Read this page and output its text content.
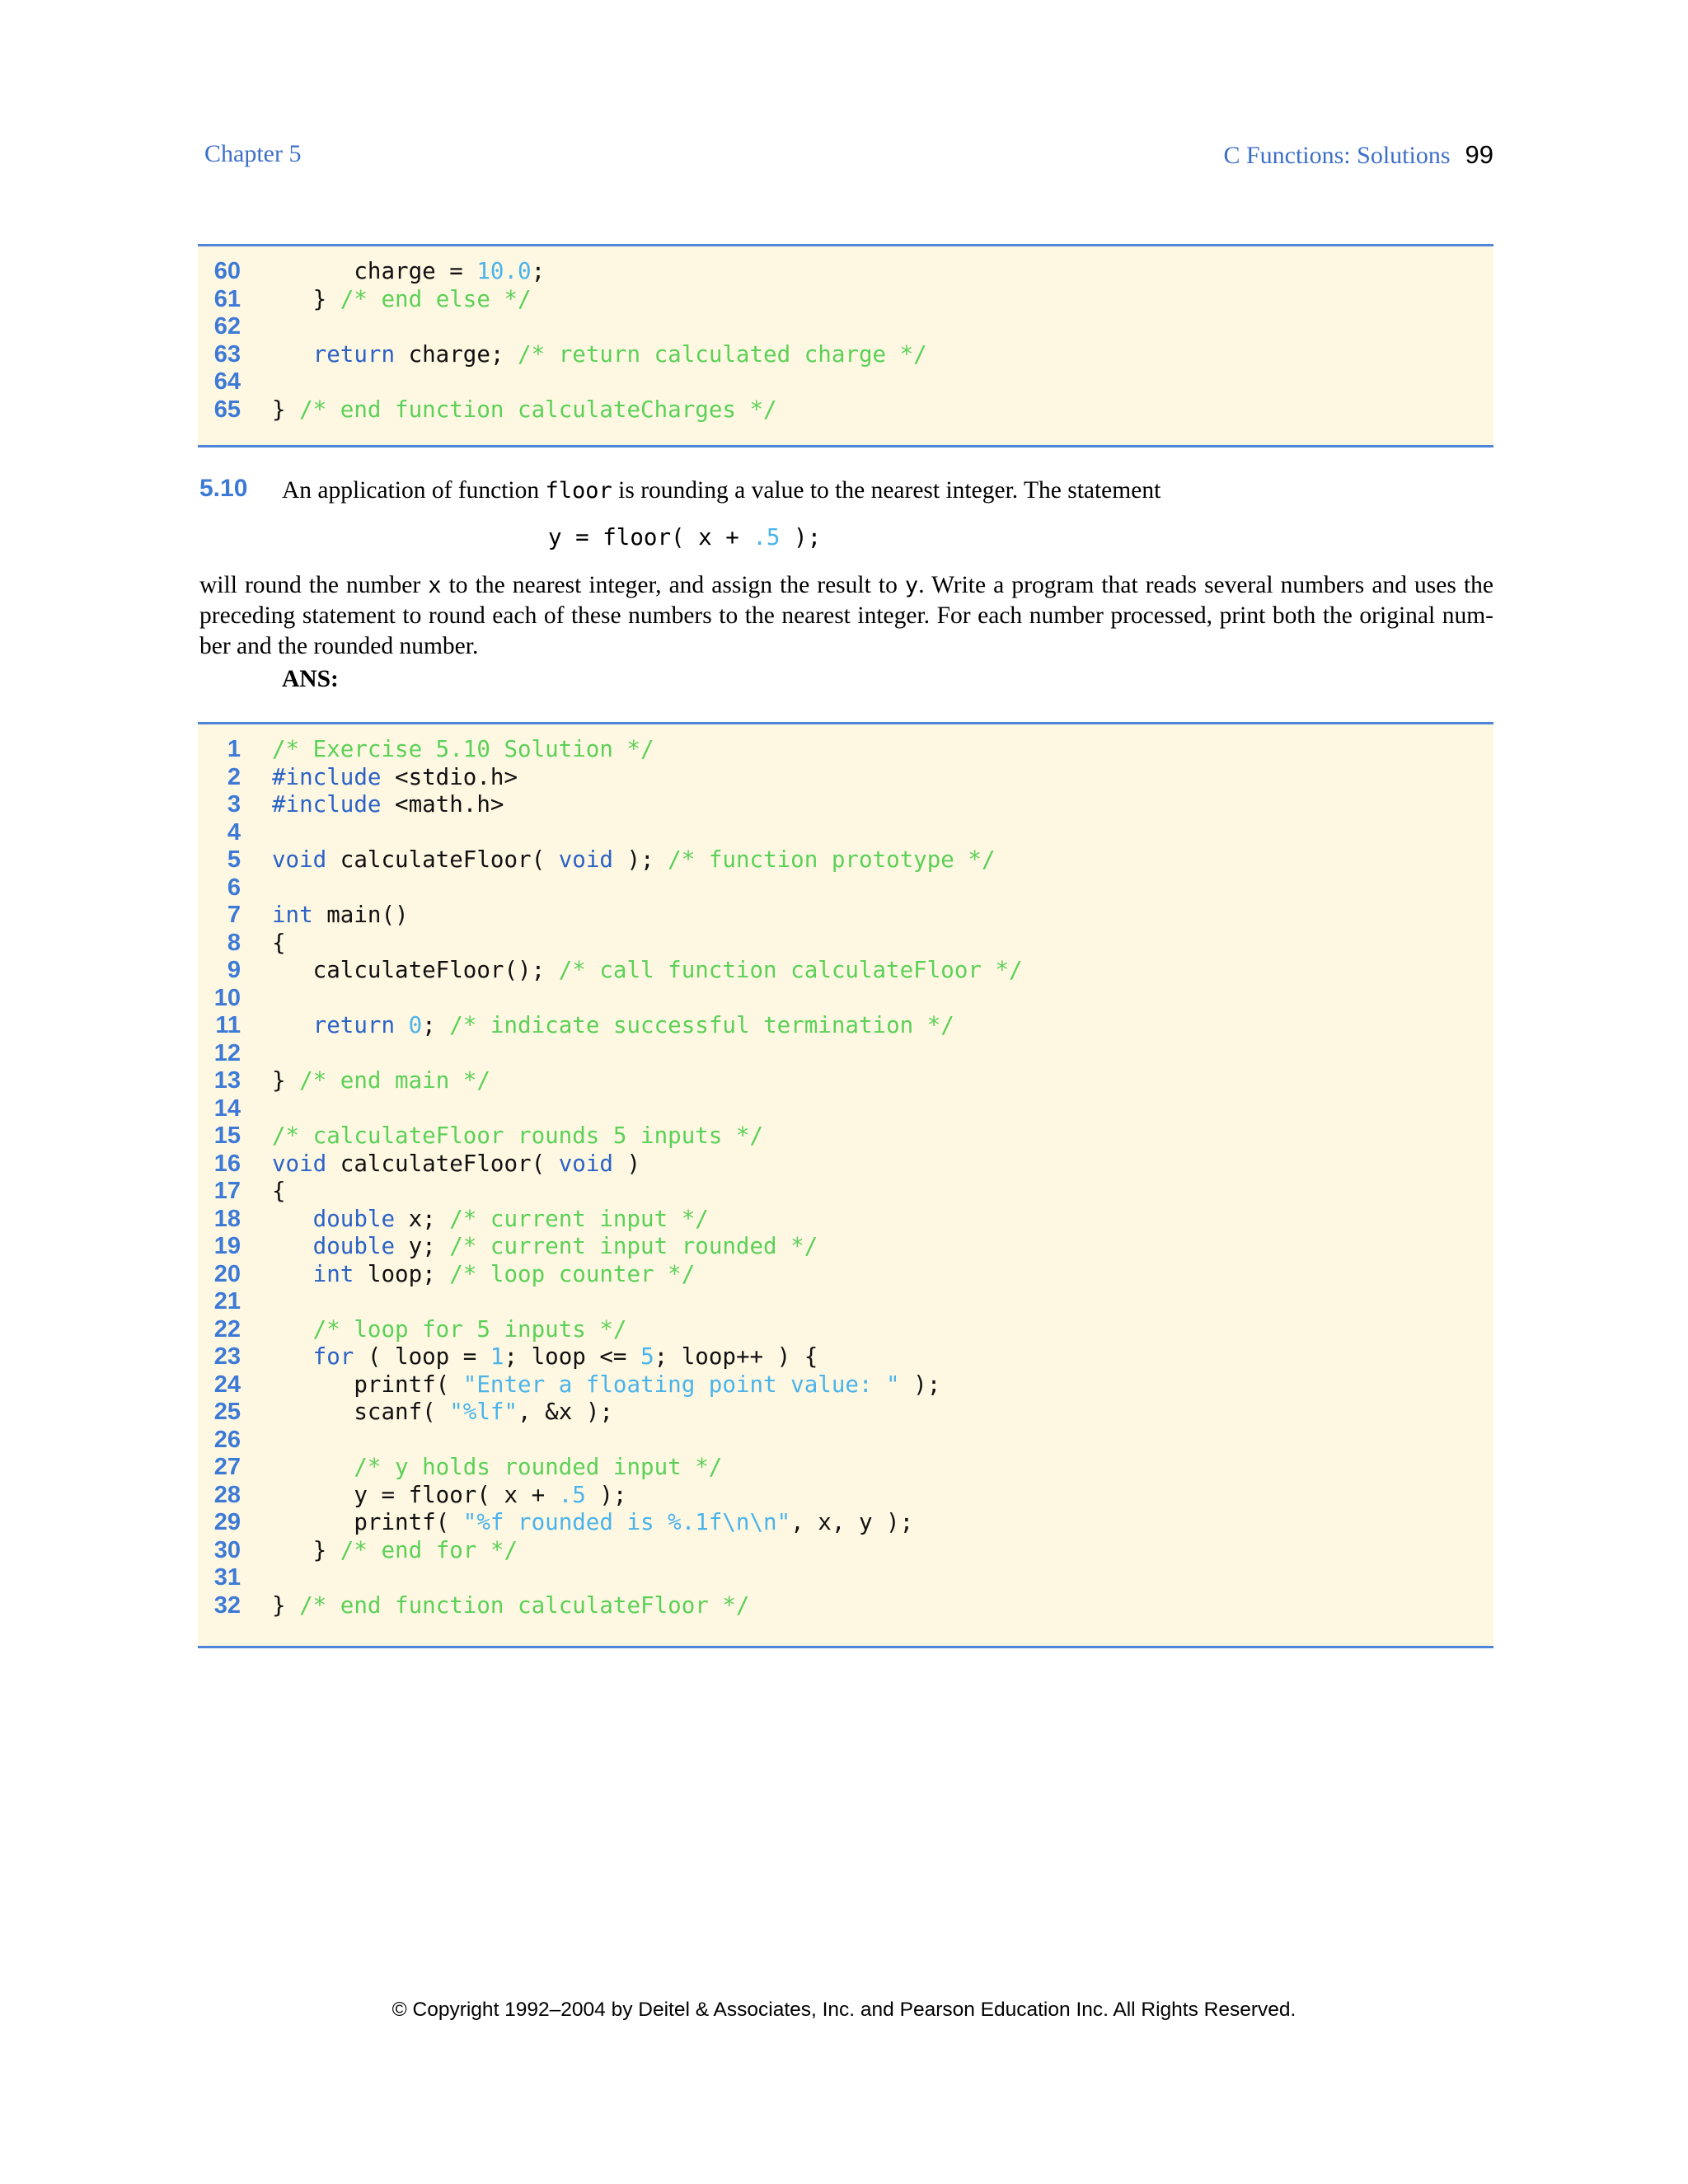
Chapter 5	C Functions: Solutions 99
60 charge = 10.0;
61 } /* end else */
62
63 return charge; /* return calculated charge */
64
65 } /* end function calculateCharges */
5.10 An application of function floor is rounding a value to the nearest integer. The statement
y = floor( x + .5 );
will round the number x to the nearest integer, and assign the result to y. Write a program that reads several numbers and uses the preceding statement to round each of these numbers to the nearest integer. For each number processed, print both the original num-ber and the rounded number.
ANS:
1 /* Exercise 5.10 Solution */
2 #include <stdio.h>
3 #include <math.h>
4
5 void calculateFloor( void ); /* function prototype */
6
7 int main()
8 {
9 calculateFloor(); /* call function calculateFloor */
10
11 return 0; /* indicate successful termination */
12
13 } /* end main */
14
15 /* calculateFloor rounds 5 inputs */
16 void calculateFloor( void )
17 {
18 double x; /* current input */
19 double y; /* current input rounded */
20 int loop; /* loop counter */
21
22 /* loop for 5 inputs */
23 for ( loop = 1; loop <= 5; loop++ ) {
24 printf( "Enter a floating point value: " );
25 scanf( "%lf", &x );
26
27 /* y holds rounded input */
28 y = floor( x + .5 );
29 printf( "%f rounded is %.1f\n\n", x, y );
30 } /* end for */
31
32 } /* end function calculateFloor */
© Copyright 1992–2004 by Deitel & Associates, Inc. and Pearson Education Inc. All Rights Reserved.
